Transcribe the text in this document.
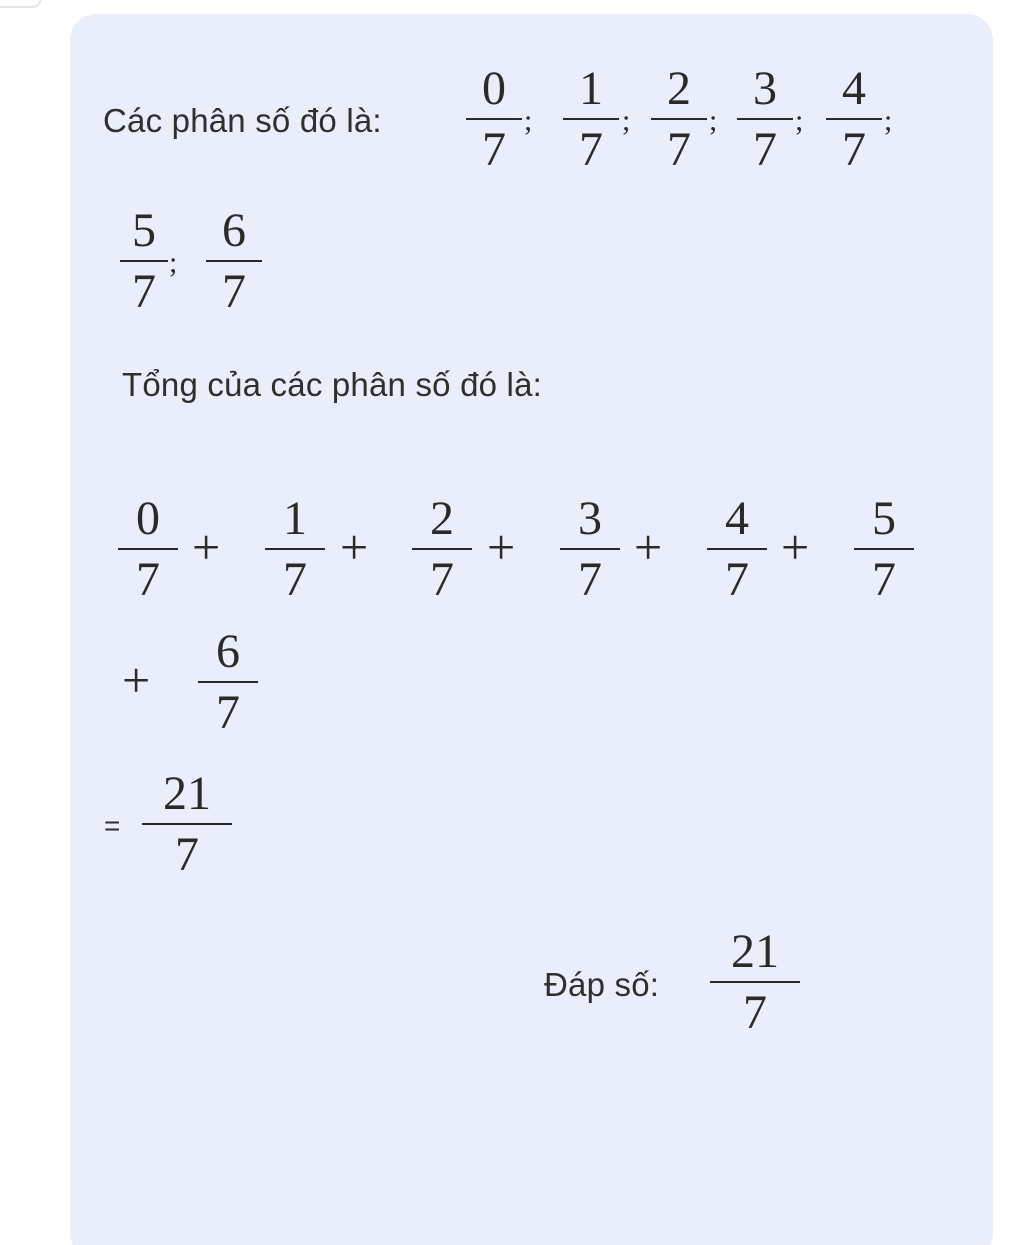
Các phân số đó là:
0
7
;
1
7
;
2
7
;
3
7
;
4
7
;
5
7
;
6
7
Tổng của các phân số đó là:
0
7
+
1
7
+
2
7
+
3
7
+
4
7
+
5
7
+
6
7
=
21
7
Đáp số:
21
7
